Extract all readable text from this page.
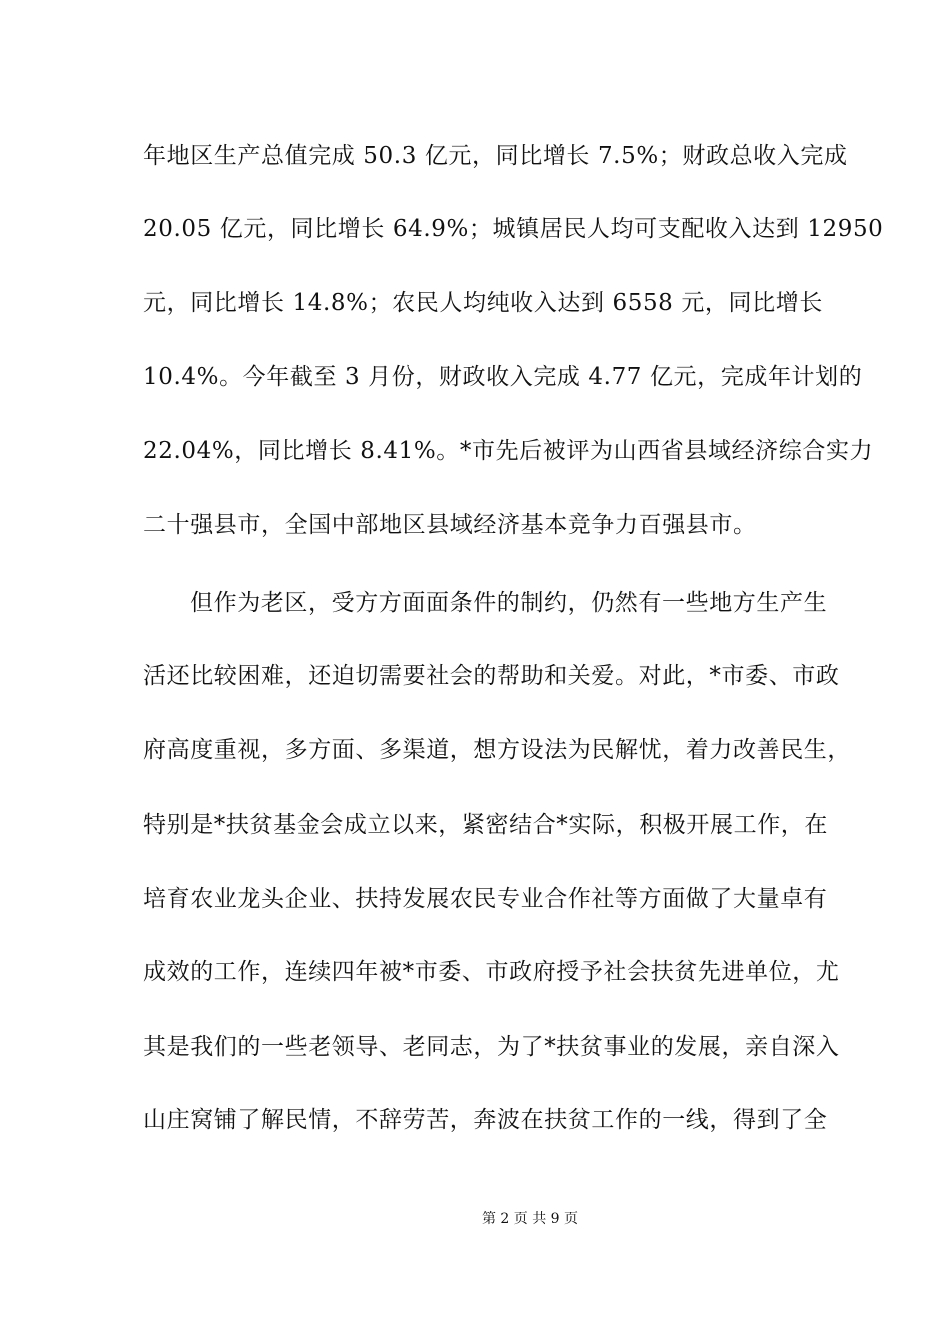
年地区生产总值完成 50.3 亿元，同比增长 7.5%；财政总收入完成
20.05 亿元，同比增长 64.9%；城镇居民人均可支配收入达到 12950
元，同比增长 14.8%；农民人均纯收入达到 6558 元，同比增长
10.4%。今年截至 3 月份，财政收入完成 4.77 亿元，完成年计划的
22.04%，同比增长 8.41%。*市先后被评为山西省县域经济综合实力
二十强县市，全国中部地区县域经济基本竞争力百强县市。
但作为老区，受方方面面条件的制约，仍然有一些地方生产生
活还比较困难，还迫切需要社会的帮助和关爱。对此，*市委、市政
府高度重视，多方面、多渠道，想方设法为民解忧，着力改善民生，
特别是*扶贫基金会成立以来，紧密结合*实际，积极开展工作，在
培育农业龙头企业、扶持发展农民专业合作社等方面做了大量卓有
成效的工作，连续四年被*市委、市政府授予社会扶贫先进单位，尤
其是我们的一些老领导、老同志，为了*扶贫事业的发展，亲自深入
山庄窝铺了解民情，不辞劳苦，奔波在扶贫工作的一线，得到了全
第 2 页 共 9 页
